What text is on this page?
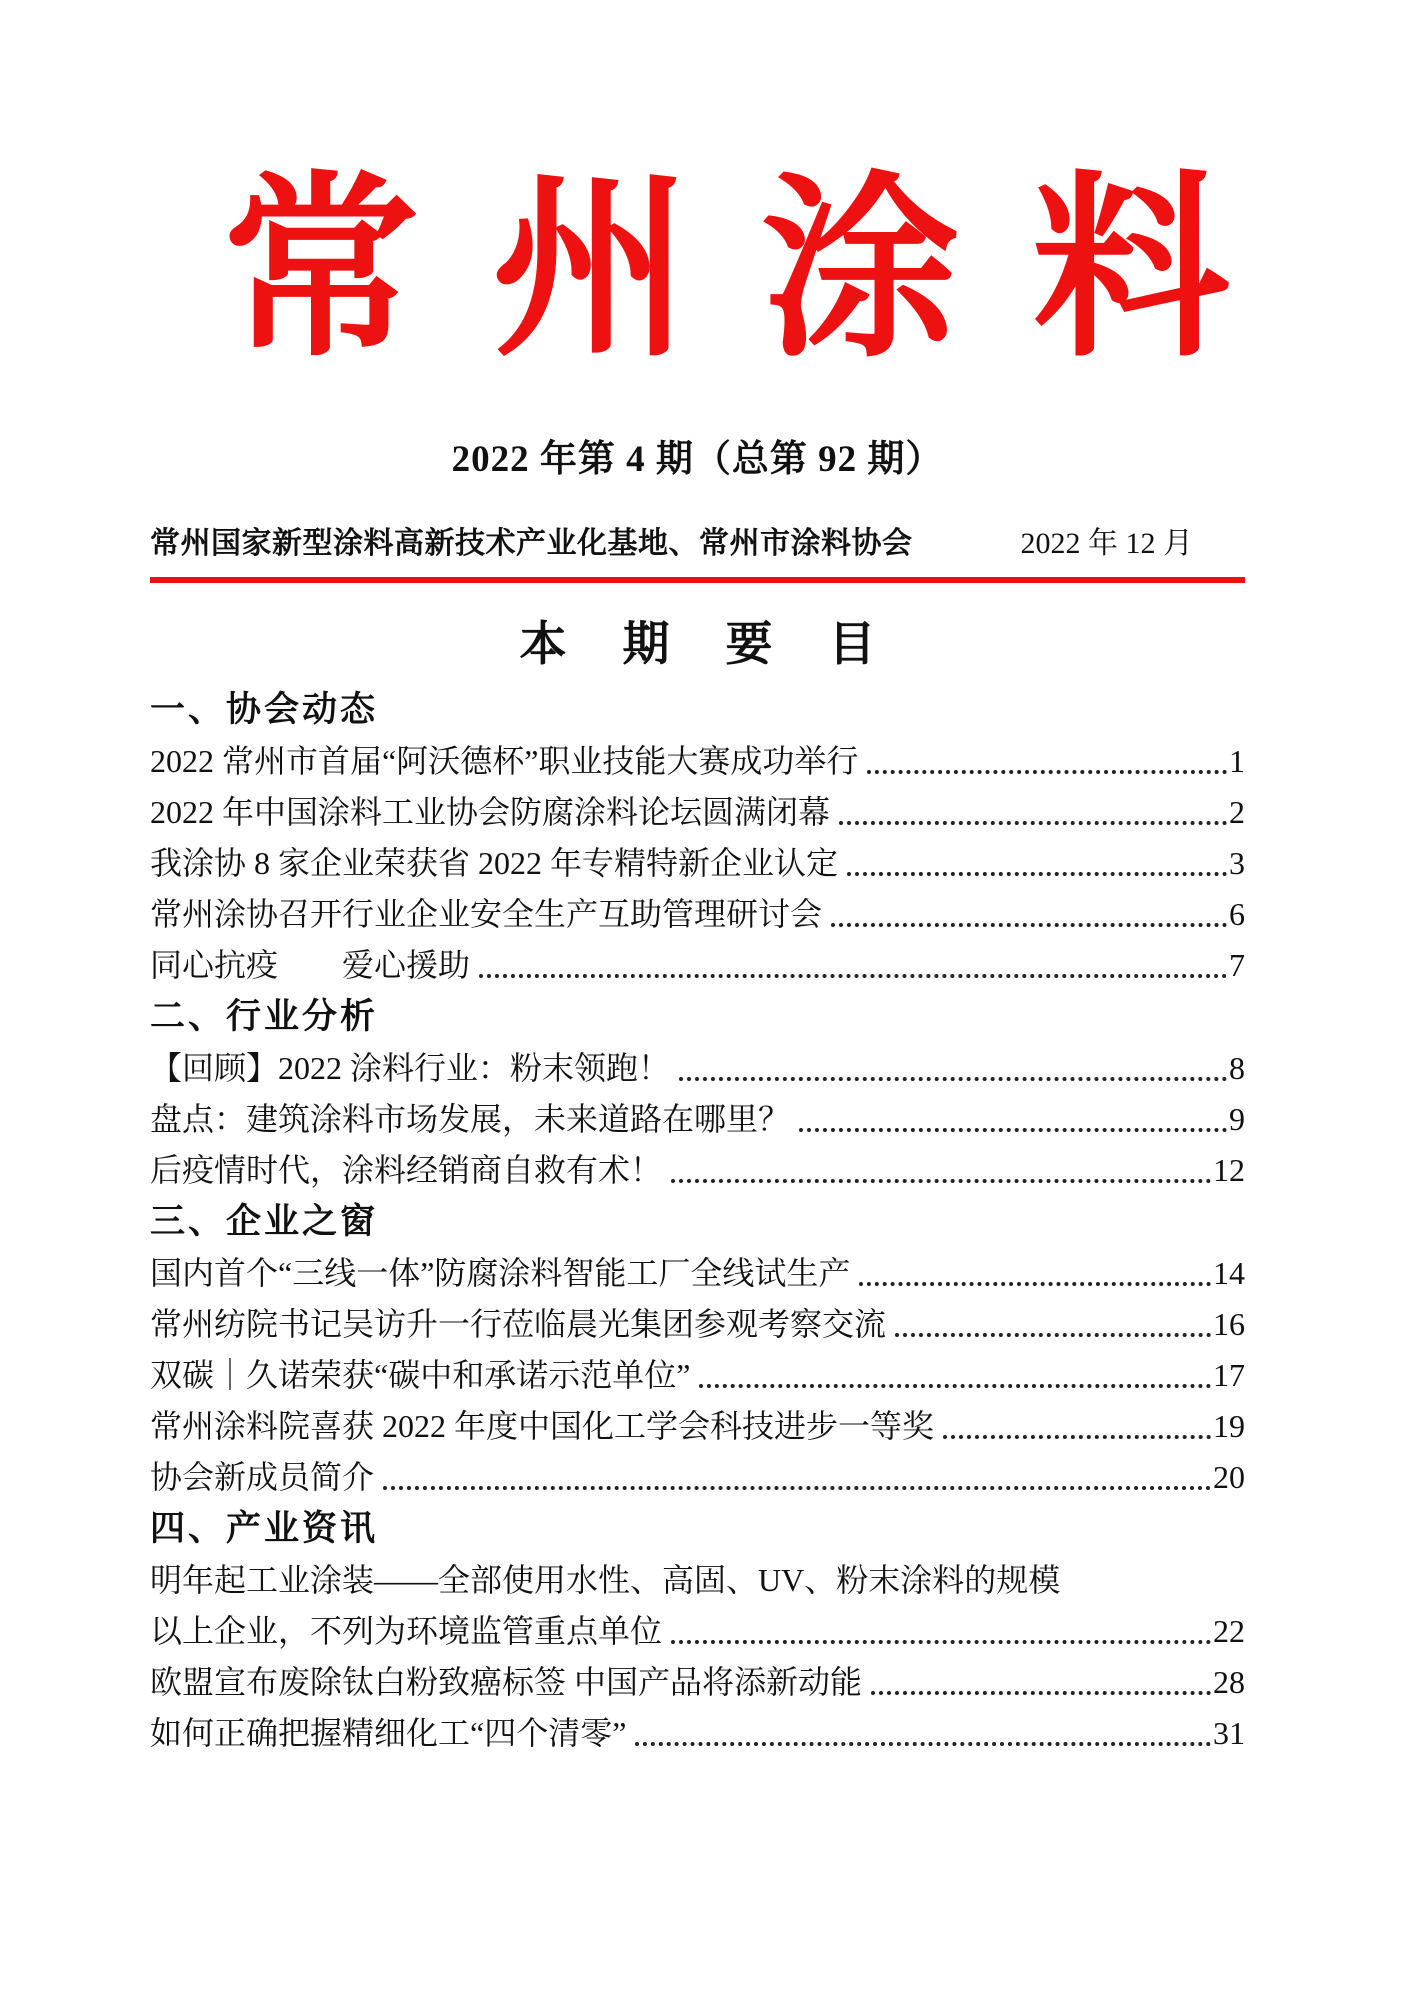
常州涂料
2022 年第 4 期（总第 92 期）
常州国家新型涂料高新技术产业化基地、常州市涂料协会	2022 年 12 月
本期要目
一、协会动态
2022 常州市首届“阿沃德杯”职业技能大赛成功举行	1
2022 年中国涂料工业协会防腐涂料论坛圆满闭幕	2
我涂协 8 家企业荣获省 2022 年专精特新企业认定	3
常州涂协召开行业企业安全生产互助管理研讨会	6
同心抗疫　　爱心援助	7
二、行业分析
【回顾】2022 涂料行业：粉末领跑！	8
盘点：建筑涂料市场发展，未来道路在哪里？	9
后疫情时代，涂料经销商自救有术！	12
三、企业之窗
国内首个“三线一体”防腐涂料智能工厂全线试生产	14
常州纺院书记吴访升一行莅临晨光集团参观考察交流	16
双碳｜久诺荣获“碳中和承诺示范单位”	17
常州涂料院喜获 2022 年度中国化工学会科技进步一等奖	19
协会新成员简介	20
四、产业资讯
明年起工业涂装——全部使用水性、高固、UV、粉末涂料的规模
以上企业，不列为环境监管重点单位	22
欧盟宣布废除钛白粉致癌标签 中国产品将添新动能	28
如何正确把握精细化工“四个清零”	31
